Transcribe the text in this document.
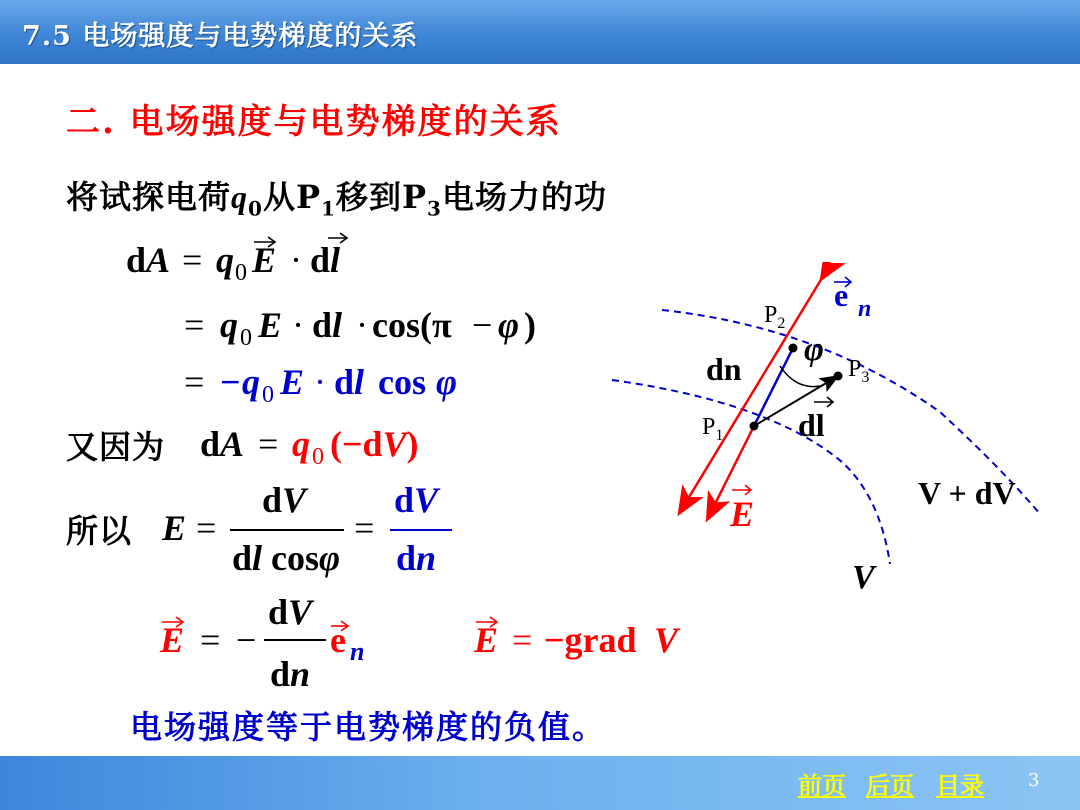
7.5 电场强度与电势梯度的关系
二. 电场强度与电势梯度的关系
将试探电荷$q_0$从$P_1$移到$P_3$电场力的功
dA = q 0 E · dl
= q 0 E · dl · cos(π − φ )
= − q 0 E · dl cos φ
又因为 dA = q 0 (−dV)
所以 E =
dV
dl cosφ
=
dV
dn
E = −
dV
dn
e n	E = −grad V
电场强度等于电势梯度的负值。
$P_1$
$P_2$
$P_3$
dn
dl
φ
E
e n
V
V + dV
前页 后页 目录 3
